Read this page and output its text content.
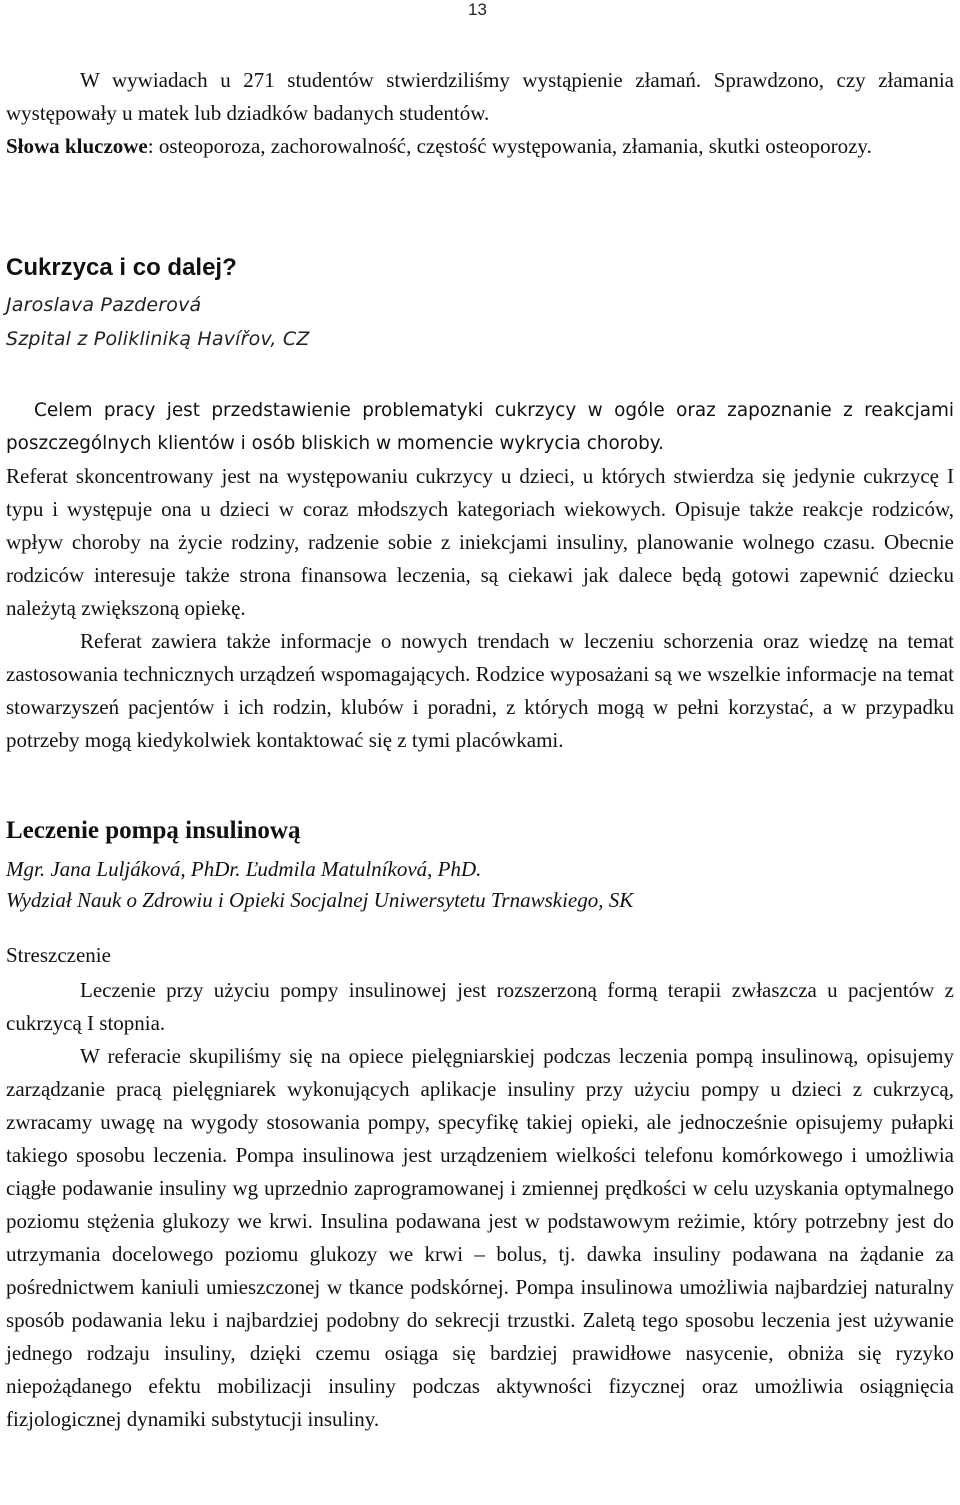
13

W wywiadach u 271 studentów stwierdziliśmy wystąpienie złamań. Sprawdzono, czy złamania występowały u matek lub dziadków badanych studentów.

Słowa kluczowe: osteoporoza, zachorowalność, częstość występowania, złamania, skutki osteoporozy.

Cukrzyca i co dalej?
Jaroslava Pazderová
Szpital z Polikliniką Havířov, CZ

Celem pracy jest przedstawienie problematyki cukrzycy w ogóle oraz zapoznanie z reakcjami poszczególnych klientów i osób bliskich w momencie wykrycia choroby.

Referat skoncentrowany jest na występowaniu cukrzycy u dzieci, u których stwierdza się jedynie cukrzycę I typu i występuje ona u dzieci w coraz młodszych kategoriach wiekowych. Opisuje także reakcje rodziców, wpływ choroby na życie rodziny, radzenie sobie z iniekcjami insuliny, planowanie wolnego czasu. Obecnie rodziców interesuje także strona finansowa leczenia, są ciekawi jak dalece będą gotowi zapewnić dziecku należytą zwiększoną opiekę.

Referat zawiera także informacje o nowych trendach w leczeniu schorzenia oraz wiedzę na temat zastosowania technicznych urządzeń wspomagających. Rodzice wyposażani są we wszelkie informacje na temat stowarzyszeń pacjentów i ich rodzin, klubów i poradni, z których mogą w pełni korzystać, a w przypadku potrzeby mogą kiedykolwiek kontaktować się z tymi placówkami.

Leczenie pompą insulinową
Mgr. Jana Luljáková, PhDr. Ľudmila Matulníková, PhD.
Wydział Nauk o Zdrowiu i Opieki Socjalnej Uniwersytetu Trnawskiego, SK
Streszczenie

Leczenie przy użyciu pompy insulinowej jest rozszerzoną formą terapii zwłaszcza u pacjentów z cukrzycą I stopnia.

W referacie skupiliśmy się na opiece pielęgniarskiej podczas leczenia pompą insulinową, opisujemy zarządzanie pracą pielęgniarek wykonujących aplikacje insuliny przy użyciu pompy u dzieci z cukrzycą, zwracamy uwagę na wygody stosowania pompy, specyfikę takiej opieki, ale jednocześnie opisujemy pułapki takiego sposobu leczenia. Pompa insulinowa jest urządzeniem wielkości telefonu komórkowego i umożliwia ciągłe podawanie insuliny wg uprzednio zaprogramowanej i zmiennej prędkości w celu uzyskania optymalnego poziomu stężenia glukozy we krwi. Insulina podawana jest w podstawowym reżimie, który potrzebny jest do utrzymania docelowego poziomu glukozy we krwi – bolus, tj. dawka insuliny podawana na żądanie za pośrednictwem kaniuli umieszczonej w tkance podskórnej. Pompa insulinowa umożliwia najbardziej naturalny sposób podawania leku i najbardziej podobny do sekrecji trzustki. Zaletą tego sposobu leczenia jest używanie jednego rodzaju insuliny, dzięki czemu osiąga się bardziej prawidłowe nasycenie, obniża się ryzyko niepożądanego efektu mobilizacji insuliny podczas aktywności fizycznej oraz umożliwia osiągnięcia fizjologicznej dynamiki substytucji insuliny.
